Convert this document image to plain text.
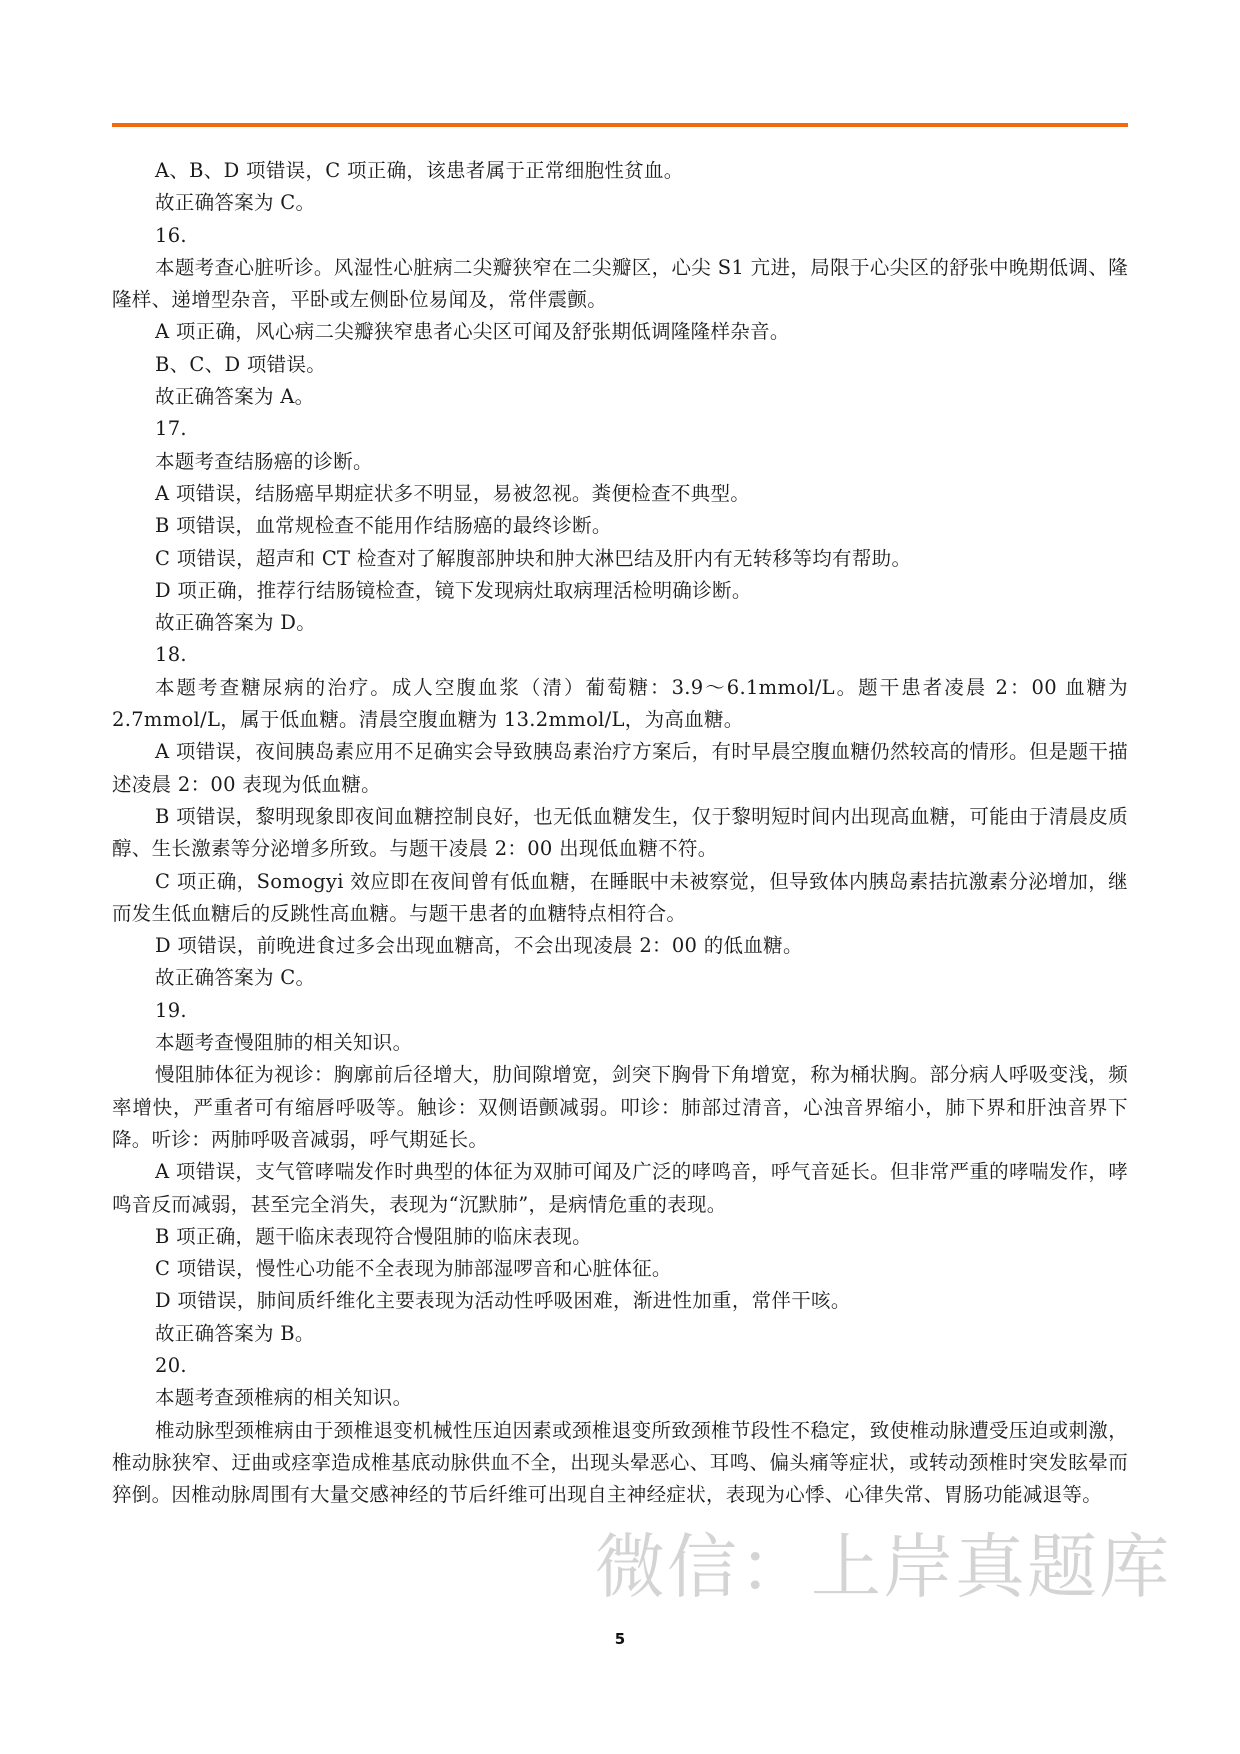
A、B、D 项错误，C 项正确，该患者属于正常细胞性贫血。

故正确答案为 C。

16.

本题考查心脏听诊。风湿性心脏病二尖瓣狭窄在二尖瓣区，心尖 S1 亢进，局限于心尖区的舒张中晚期低调、隆隆样、递增型杂音，平卧或左侧卧位易闻及，常伴震颤。

A 项正确，风心病二尖瓣狭窄患者心尖区可闻及舒张期低调隆隆样杂音。

B、C、D 项错误。

故正确答案为 A。

17.

本题考查结肠癌的诊断。

A 项错误，结肠癌早期症状多不明显，易被忽视。粪便检查不典型。

B 项错误，血常规检查不能用作结肠癌的最终诊断。

C 项错误，超声和 CT 检查对了解腹部肿块和肿大淋巴结及肝内有无转移等均有帮助。

D 项正确，推荐行结肠镜检查，镜下发现病灶取病理活检明确诊断。

故正确答案为 D。

18.

本题考查糖尿病的治疗。成人空腹血浆（清）葡萄糖：3.9～6.1mmol/L。题干患者凌晨 2：00 血糖为 2.7mmol/L，属于低血糖。清晨空腹血糖为 13.2mmol/L，为高血糖。

A 项错误，夜间胰岛素应用不足确实会导致胰岛素治疗方案后，有时早晨空腹血糖仍然较高的情形。但是题干描述凌晨 2：00 表现为低血糖。

B 项错误，黎明现象即夜间血糖控制良好，也无低血糖发生，仅于黎明短时间内出现高血糖，可能由于清晨皮质醇、生长激素等分泌增多所致。与题干凌晨 2：00 出现低血糖不符。

C 项正确，Somogyi 效应即在夜间曾有低血糖，在睡眠中未被察觉，但导致体内胰岛素拮抗激素分泌增加，继而发生低血糖后的反跳性高血糖。与题干患者的血糖特点相符合。

D 项错误，前晚进食过多会出现血糖高，不会出现凌晨 2：00 的低血糖。

故正确答案为 C。

19.

本题考查慢阻肺的相关知识。

慢阻肺体征为视诊：胸廓前后径增大，肋间隙增宽，剑突下胸骨下角增宽，称为桶状胸。部分病人呼吸变浅，频率增快，严重者可有缩唇呼吸等。触诊：双侧语颤减弱。叩诊：肺部过清音，心浊音界缩小，肺下界和肝浊音界下降。听诊：两肺呼吸音减弱，呼气期延长。

A 项错误，支气管哮喘发作时典型的体征为双肺可闻及广泛的哮鸣音，呼气音延长。但非常严重的哮喘发作，哮鸣音反而减弱，甚至完全消失，表现为“沉默肺”，是病情危重的表现。

B 项正确，题干临床表现符合慢阻肺的临床表现。

C 项错误，慢性心功能不全表现为肺部湿啰音和心脏体征。

D 项错误，肺间质纤维化主要表现为活动性呼吸困难，渐进性加重，常伴干咳。

故正确答案为 B。

20.

本题考查颈椎病的相关知识。

椎动脉型颈椎病由于颈椎退变机械性压迫因素或颈椎退变所致颈椎节段性不稳定，致使椎动脉遭受压迫或刺激，椎动脉狭窄、迂曲或痉挛造成椎基底动脉供血不全，出现头晕恶心、耳鸣、偏头痛等症状，或转动颈椎时突发眩晕而猝倒。因椎动脉周围有大量交感神经的节后纤维可出现自主神经症状，表现为心悸、心律失常、胃肠功能减退等。

微信：上岸真题库
5
